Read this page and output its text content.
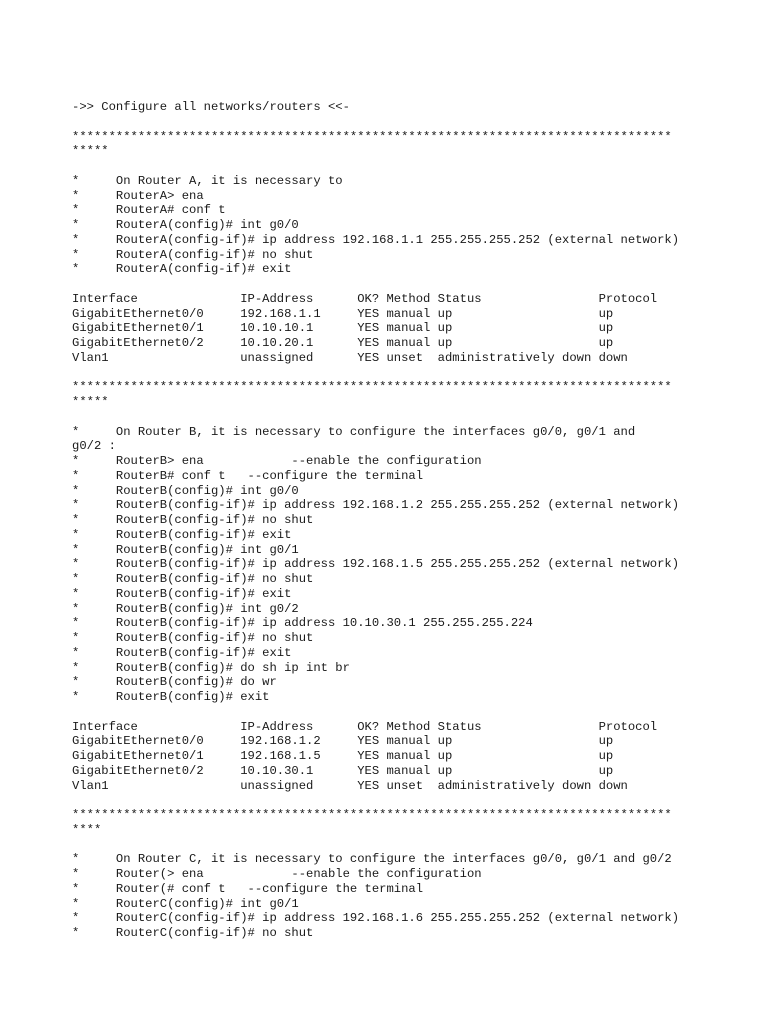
->> Configure all networks/routers <<-
**********************************************************************************
*****
*     On Router A, it is necessary to
*     RouterA> ena
*     RouterA# conf t
*     RouterA(config)# int g0/0
*     RouterA(config-if)# ip address 192.168.1.1 255.255.255.252 (external network)
*     RouterA(config-if)# no shut
*     RouterA(config-if)# exit
Interface              IP-Address      OK? Method Status                Protocol
GigabitEthernet0/0     192.168.1.1     YES manual up                    up
GigabitEthernet0/1     10.10.10.1      YES manual up                    up
GigabitEthernet0/2     10.10.20.1      YES manual up                    up
Vlan1                  unassigned      YES unset  administratively down down
**********************************************************************************
*****
*     On Router B, it is necessary to configure the interfaces g0/0, g0/1 and
g0/2 :
*     RouterB> ena            --enable the configuration
*     RouterB# conf t   --configure the terminal
*     RouterB(config)# int g0/0
*     RouterB(config-if)# ip address 192.168.1.2 255.255.255.252 (external network)
*     RouterB(config-if)# no shut
*     RouterB(config-if)# exit
*     RouterB(config)# int g0/1
*     RouterB(config-if)# ip address 192.168.1.5 255.255.255.252 (external network)
*     RouterB(config-if)# no shut
*     RouterB(config-if)# exit
*     RouterB(config)# int g0/2
*     RouterB(config-if)# ip address 10.10.30.1 255.255.255.224
*     RouterB(config-if)# no shut
*     RouterB(config-if)# exit
*     RouterB(config)# do sh ip int br
*     RouterB(config)# do wr
*     RouterB(config)# exit
Interface              IP-Address      OK? Method Status                Protocol
GigabitEthernet0/0     192.168.1.2     YES manual up                    up
GigabitEthernet0/1     192.168.1.5     YES manual up                    up
GigabitEthernet0/2     10.10.30.1      YES manual up                    up
Vlan1                  unassigned      YES unset  administratively down down
**********************************************************************************
****
*     On Router C, it is necessary to configure the interfaces g0/0, g0/1 and g0/2
*     Router(> ena            --enable the configuration
*     Router(# conf t   --configure the terminal
*     RouterC(config)# int g0/1
*     RouterC(config-if)# ip address 192.168.1.6 255.255.255.252 (external network)
*     RouterC(config-if)# no shut
